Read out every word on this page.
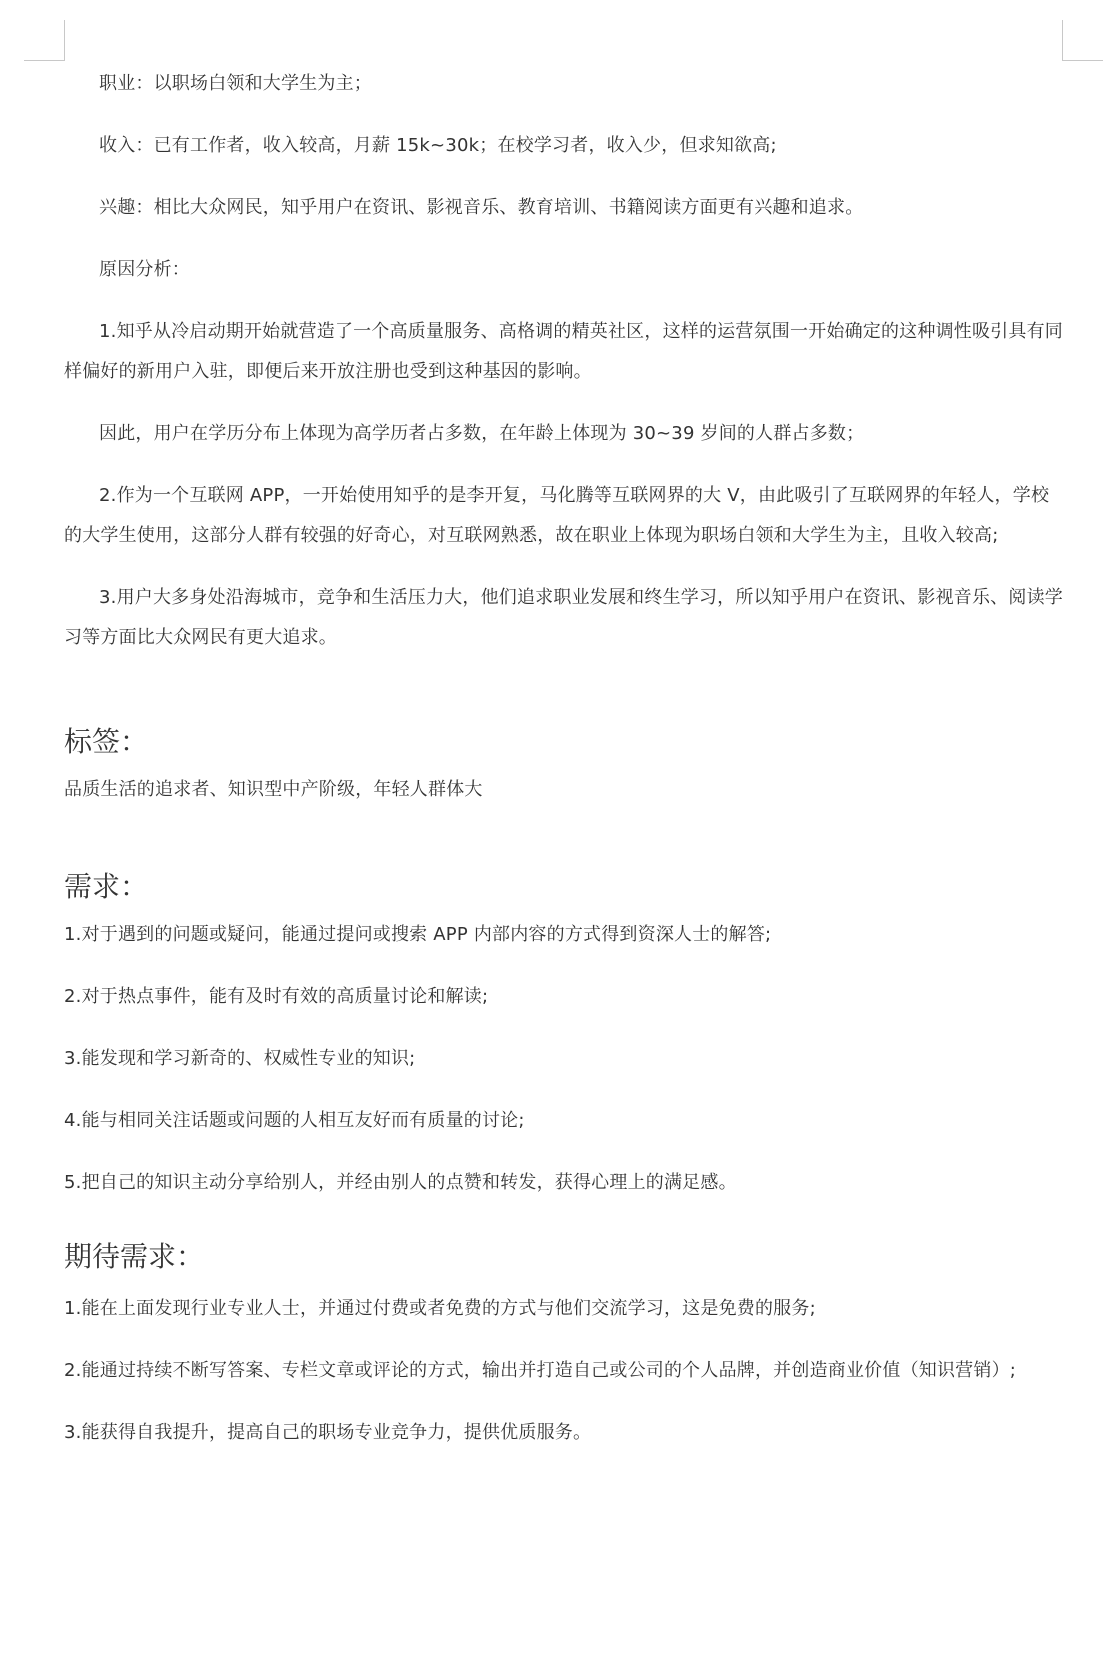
职业：以职场白领和大学生为主；

收入：已有工作者，收入较高，月薪 15k~30k；在校学习者，收入少，但求知欲高;

兴趣：相比大众网民，知乎用户在资讯、影视音乐、教育培训、书籍阅读方面更有兴趣和追求。

原因分析：

1.知乎从冷启动期开始就营造了一个高质量服务、高格调的精英社区，这样的运营氛围一开始确定的这种调性吸引具有同样偏好的新用户入驻，即便后来开放注册也受到这种基因的影响。

因此，用户在学历分布上体现为高学历者占多数，在年龄上体现为 30~39 岁间的人群占多数；

2.作为一个互联网 APP，一开始使用知乎的是李开复，马化腾等互联网界的大 V，由此吸引了互联网界的年轻人，学校的大学生使用，这部分人群有较强的好奇心，对互联网熟悉，故在职业上体现为职场白领和大学生为主，且收入较高;

3.用户大多身处沿海城市，竞争和生活压力大，他们追求职业发展和终生学习，所以知乎用户在资讯、影视音乐、阅读学习等方面比大众网民有更大追求。

标签：

品质生活的追求者、知识型中产阶级，年轻人群体大

需求：

1.对于遇到的问题或疑问，能通过提问或搜索 APP 内部内容的方式得到资深人士的解答;

2.对于热点事件，能有及时有效的高质量讨论和解读;

3.能发现和学习新奇的、权威性专业的知识;

4.能与相同关注话题或问题的人相互友好而有质量的讨论;

5.把自己的知识主动分享给别人，并经由别人的点赞和转发，获得心理上的满足感。

期待需求：

1.能在上面发现行业专业人士，并通过付费或者免费的方式与他们交流学习，这是免费的服务;

2.能通过持续不断写答案、专栏文章或评论的方式，输出并打造自己或公司的个人品牌，并创造商业价值（知识营销）;

3.能获得自我提升，提高自己的职场专业竞争力，提供优质服务。
